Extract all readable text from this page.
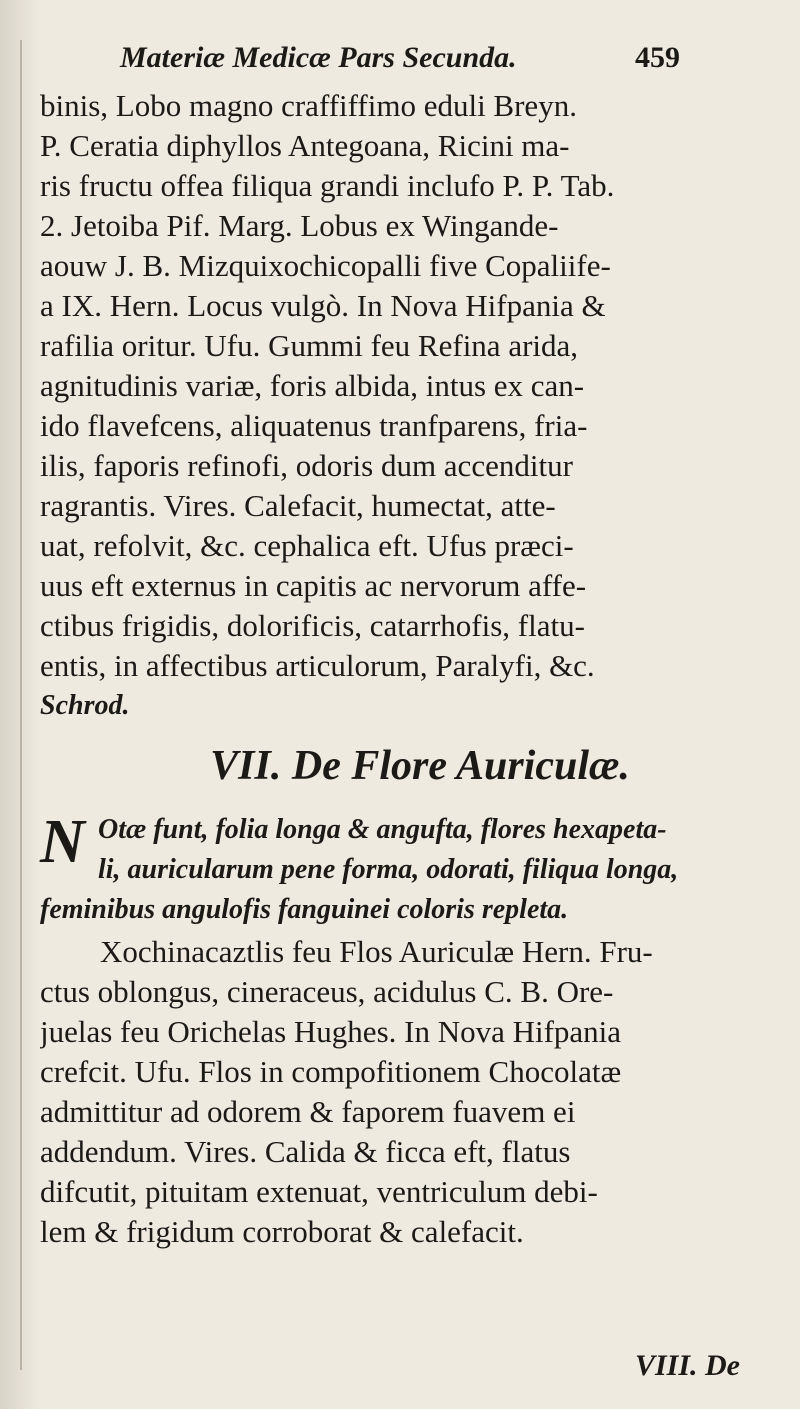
Materiæ Medicæ Pars Secunda.	459
binis, Lobo magno craffiffimo eduli Breyn.
P. Ceratia diphyllos Antegoana, Ricini ma-
ris fructu offea filiqua grandi inclufo P. P. Tab.
2. Jetoiba Pif. Marg. Lobus ex Wingande-
aouw J. B. Mizquixochicopalli five Copaliife-
a IX. Hern. Locus vulgò. In Nova Hifpania &
rafilia oritur. Ufu. Gummi feu Refina arida,
agnitudinis variæ, foris albida, intus ex can-
ido flavefcens, aliquatenus tranfparens, fria-
ilis, faporis refinofi, odoris dum accenditur
ragrantis. Vires. Calefacit, humectat, atte-
uat, refolvit, &c. cephalica eft. Ufus præci-
uus eft externus in capitis ac nervorum affe-
ctibus frigidis, dolorificis, catarrhofis, flatu-
entis, in affectibus articulorum, Paralyfi, &c.
Schrod.
VII. De Flore Auriculæ.
N Otæ funt, folia longa & angufta, flores hexapeta-
li, auricularum pene forma, odorati, filiqua longa,
feminibus angulofis fanguinei coloris repleta.
Xochinacaztlis feu Flos Auriculæ Hern. Fru-
ctus oblongus, cineraceus, acidulus C. B. Ore-
juelas feu Orichelas Hughes. In Nova Hifpania
crefcit. Ufu. Flos in compofitionem Chocolatæ
admittitur ad odorem & faporem fuavem ei
addendum. Vires. Calida & ficca eft, flatus
difcutit, pituitam extenuat, ventriculum debi-
lem & frigidum corroborat & calefacit.
VIII. De
